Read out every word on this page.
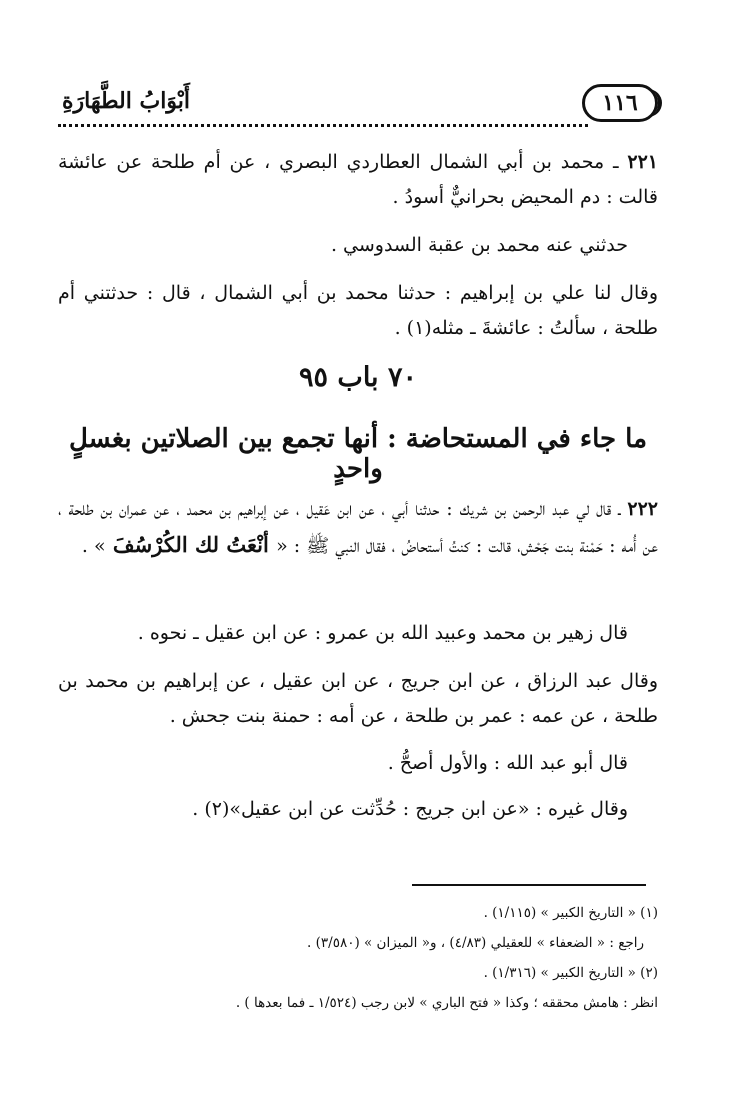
أَبْوَابُ الطَّهَارَةِ	١١٦
٢٢١ ـ محمد بن أبي الشمال العطاردي البصري ، عن أم طلحة عن عائشة قالت : دم المحيض بحرانيٌّ أسودُ .
حدثني عنه محمد بن عقبة السدوسي .
وقال لنا علي بن إبراهيم : حدثنا محمد بن أبي الشمال ، قال : حدثتني أم طلحة ، سألتُ : عائشةَ ـ مثله(١) .
٧٠ باب ٩٥
ما جاء في المستحاضة : أنها تجمع بين الصلاتين بغسلٍ واحدٍ
٢٢٢ ـ قال لي عبد الرحمن بن شريك : حدثنا أبي ، عن ابن عَقيل ، عن إبراهيم بن محمد ، عن عمران بن طلحة ، عن أُمه : حَمْنة بنت جَحْش، قالت : كنتُ أستحاضُ ، فقال النبي ﷺ : « أنْعَتُ لك الكُرْسُفَ » .
قال زهير بن محمد وعبيد الله بن عمرو : عن ابن عقيل ـ نحوه .
وقال عبد الرزاق ، عن ابن جريج ، عن ابن عقيل ، عن إبراهيم بن محمد بن طلحة ، عن عمه : عمر بن طلحة ، عن أمه : حمنة بنت جحش .
قال أبو عبد الله : والأول أصحُّ .
وقال غيره : «عن ابن جريج : حُدِّثت عن ابن عقيل»(٢) .
(١) « التاريخ الكبير » (١/١١٥) .
راجع : « الضعفاء » للعقيلي (٤/٨٣) ، و« الميزان » (٣/٥٨٠) .
(٢) « التاريخ الكبير » (١/٣١٦) .
انظر : هامش محققه ؛ وكذا « فتح الباري » لابن رجب (١/٥٢٤ ـ فما بعدها ) .
